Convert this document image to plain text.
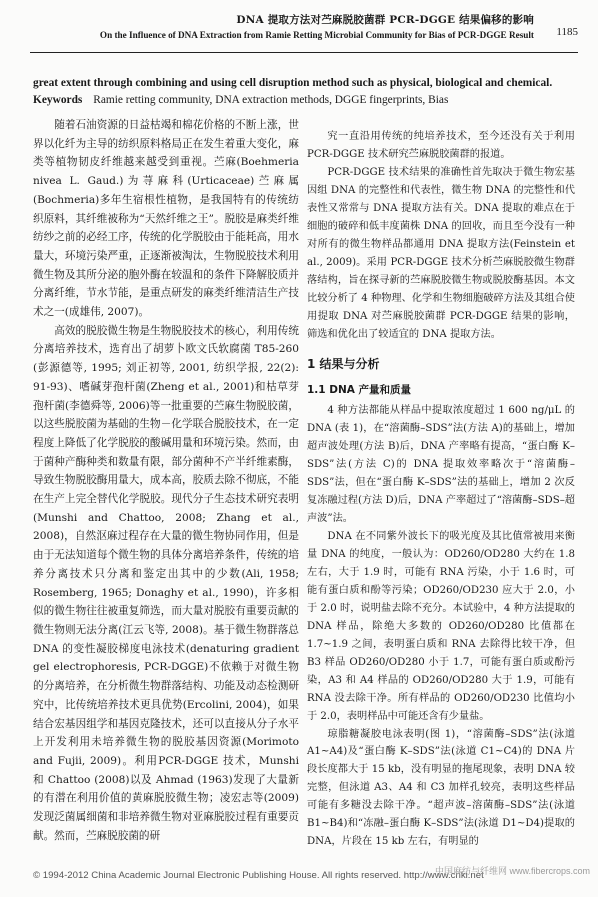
DNA 提取方法对苎麻脱胶菌群 PCR-DGGE 结果偏移的影响
On the Influence of DNA Extraction from Ramie Retting Microbial Community for Bias of PCR-DGGE Result 1185
great extent through combining and using cell disruption method such as physical, biological and chemical.
Keywords Ramie retting community, DNA extraction methods, DGGE fingerprints, Bias

随着石油资源的日益枯竭和棉花价格的不断上涨，世界以化纤为主导的纺织原料格局正在发生着重大变化，麻类等植物韧皮纤维越来越受到重视。苎麻(Boehmeria nivea L. Gaud.)为荨麻科(Urticaceae)苎麻属(Bochmeria)多年生宿根性植物，是我国特有的传统纺织原料，其纤维被称为“天然纤维之王”。脱胶是麻类纤维纺纱之前的必经工序，传统的化学脱胶由于能耗高，用水量大，环境污染严重，正逐渐被淘汰，生物脱胶技术利用微生物及其所分泌的胞外酶在较温和的条件下降解胶质并分离纤维，节水节能，是重点研发的麻类纤维清洁生产技术之一(成雄伟, 2007)。

高效的脱胶微生物是生物脱胶技术的核心，利用传统分离培养技术，选育出了胡萝卜欧文氏软腐菌 T85-260 (彭源德等, 1995; 刘正初等, 2001, 纺织学报, 22(2): 91-93)、嗜碱芽孢杆菌(Zheng et al., 2001)和枯草芽孢杆菌(李德舜等, 2006)等一批重要的苎麻生物脱胶菌，以这些脱胶菌为基础的生物－化学联合脱胶技术，在一定程度上降低了化学脱胶的酸碱用量和环境污染。然而，由于菌种产酶种类和数量有限，部分菌种不产半纤维素酶，导致生物脱胶酶用量大，成本高，胶质去除不彻底，不能在生产上完全替代化学脱胶。现代分子生态技术研究表明(Munshi and Chattoo, 2008; Zhang et al., 2008)，自然沤麻过程存在大量的微生物协同作用，但是由于无法知道每个微生物的具体分离培养条件，传统的培养分离技术只分离和鉴定出其中的少数(Ali, 1958; Rosemberg, 1965; Donaghy et al., 1990)，许多相似的微生物往往被重复筛选，而大量对脱胶有重要贡献的微生物则无法分离(江云飞等, 2008)。基于微生物群落总 DNA 的变性凝胶梯度电泳技术(denaturing gradient gel electrophoresis, PCR-DGGE)不依赖于对微生物的分离培养，在分析微生物群落结构、功能及动态检测研究中，比传统培养技术更具优势(Ercolini, 2004)，如果结合宏基因组学和基因克隆技术，还可以直接从分子水平上开发利用未培养微生物的脱胶基因资源(Morimoto and Fujii, 2009)。利用PCR-DGGE 技术，Munshi 和 Chattoo (2008)以及 Ahmad (1963)发现了大量新的有潜在利用价值的黄麻脱胶微生物；凌宏志等(2009)发现泛菌属细菌和非培养微生物对亚麻脱胶过程有重要贡献。然而，苎麻脱胶菌的研

究一直沿用传统的纯培养技术，至今还没有关于利用 PCR-DGGE 技术研究苎麻脱胶菌群的报道。

PCR-DGGE 技术结果的准确性首先取决于微生物宏基因组 DNA 的完整性和代表性，微生物 DNA 的完整性和代表性又常常与 DNA 提取方法有关。DNA 提取的难点在于细胞的破碎和低丰度菌株 DNA 的回收，而且至今没有一种对所有的微生物样品都通用 DNA 提取方法(Feinstein et al., 2009)。采用 PCR-DGGE 技术分析苎麻脱胶微生物群落结构，旨在探寻新的苎麻脱胶微生物或脱胶酶基因。本文比较分析了 4 种物理、化学和生物细胞破碎方法及其组合使用提取 DNA 对苎麻脱胶菌群 PCR-DGGE 结果的影响，筛选和优化出了较适宜的 DNA 提取方法。

1 结果与分析
1.1 DNA 产量和质量

4 种方法都能从样品中提取浓度超过 1 600 ng/μL 的 DNA (表 1)，在“溶菌酶–SDS”法(方法 A)的基础上，增加超声波处理(方法 B)后，DNA 产率略有提高，“蛋白酶 K–SDS”法(方法 C)的 DNA 提取效率略次于“溶菌酶–SDS”法，但在“蛋白酶 K–SDS”法的基础上，增加 2 次反复冻融过程(方法 D)后，DNA 产率超过了“溶菌酶–SDS–超声波”法。

DNA 在不同紫外波长下的吸光度及其比值常被用来衡量 DNA 的纯度，一般认为：OD260/OD280 大约在 1.8 左右，大于 1.9 时，可能有 RNA 污染，小于 1.6 时，可能有蛋白质和酚等污染；OD260/OD230 应大于 2.0，小于 2.0 时，说明盐去除不充分。本试验中，4 种方法提取的 DNA 样品，除绝大多数的 OD260/OD280 比值都在 1.7~1.9 之间，表明蛋白质和 RNA 去除得比较干净，但 B3 样品 OD260/OD280 小于 1.7，可能有蛋白质或酚污染，A3 和 A4 样品的 OD260/OD280 大于 1.9，可能有 RNA 没去除干净。所有样品的 OD260/OD230 比值均小于 2.0，表明样品中可能还含有少量盐。

琼脂糖凝胶电泳表明(图 1)，“溶菌酶–SDS”法(泳道 A1~A4)及“蛋白酶 K–SDS”法(泳道 C1~C4)的 DNA 片段长度都大于 15 kb，没有明显的拖尾现象，表明 DNA 较完整，但泳道 A3、A4 和 C3 加样孔较亮，表明这些样品可能有多糖没去除干净。“超声波–溶菌酶–SDS”法(泳道 B1~B4)和“冻融–蛋白酶 K–SDS”法(泳道 D1~D4)提取的 DNA，片段在 15 kb 左右，有明显的

© 1994-2012 China Academic Journal Electronic Publishing House. All rights reserved. http://www.cnki.net
中国麻纺与纤维网 www.fibercrops.com
